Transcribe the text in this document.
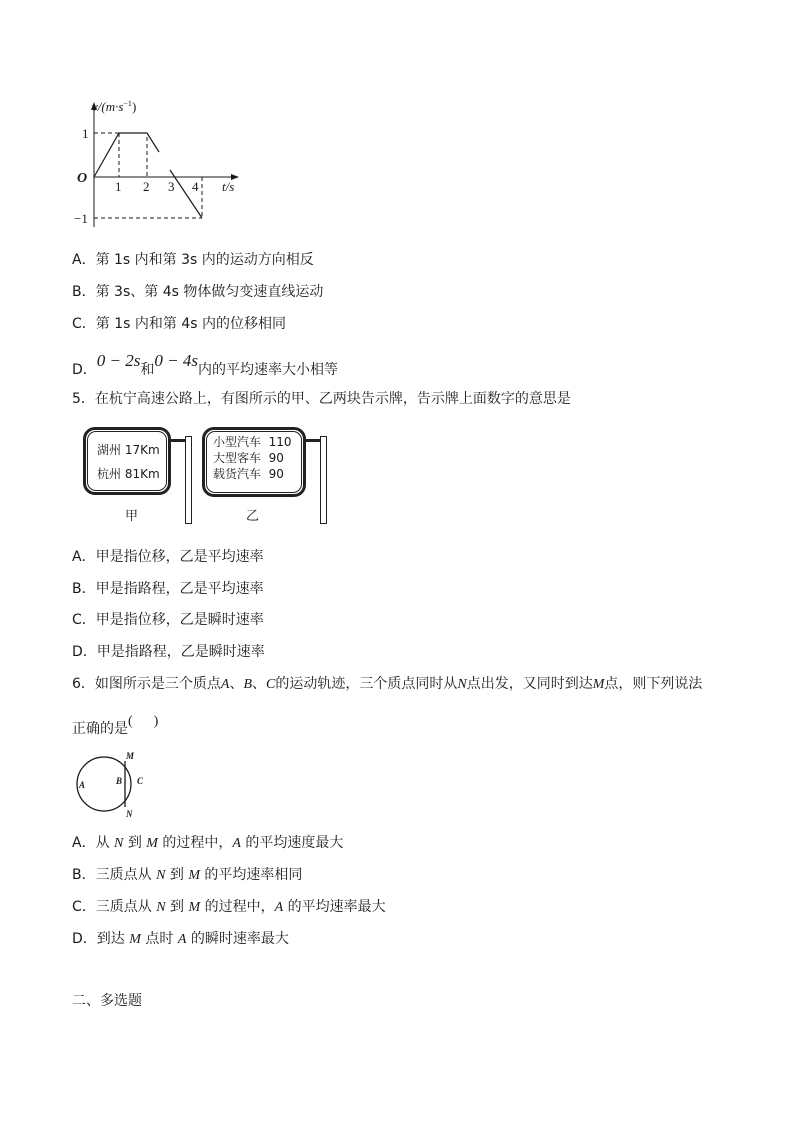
$v/(m\cdot s^{-1})$
1
−1
O
1 2 3 4 t/s
A．第 1s 内和第 3s 内的运动方向相反
B．第 3s、第 4s 物体做匀变速直线运动
C．第 1s 内和第 4s 内的位移相同
D．0 − 2s和0 − 4s内的平均速率大小相等
5．在杭宁高速公路上，有图所示的甲、乙两块告示牌，告示牌上面数字的意思是
湖州 17Km
杭州 81Km
甲
小型汽车  110
大型客车  90
载货汽车  90
乙
A．甲是指位移，乙是平均速率
B．甲是指路程，乙是平均速率
C．甲是指位移，乙是瞬时速率
D．甲是指路程，乙是瞬时速率
6．如图所示是三个质点A、B、C的运动轨迹，三个质点同时从N点出发，又同时到达M点，则下列说法
正确的是(      )
A	B C
M
N
A．从 N 到 M 的过程中，A 的平均速度最大
B．三质点从 N 到 M 的平均速率相同
C．三质点从 N 到 M 的过程中，A 的平均速率最大
D．到达 M 点时 A 的瞬时速率最大
二、多选题
